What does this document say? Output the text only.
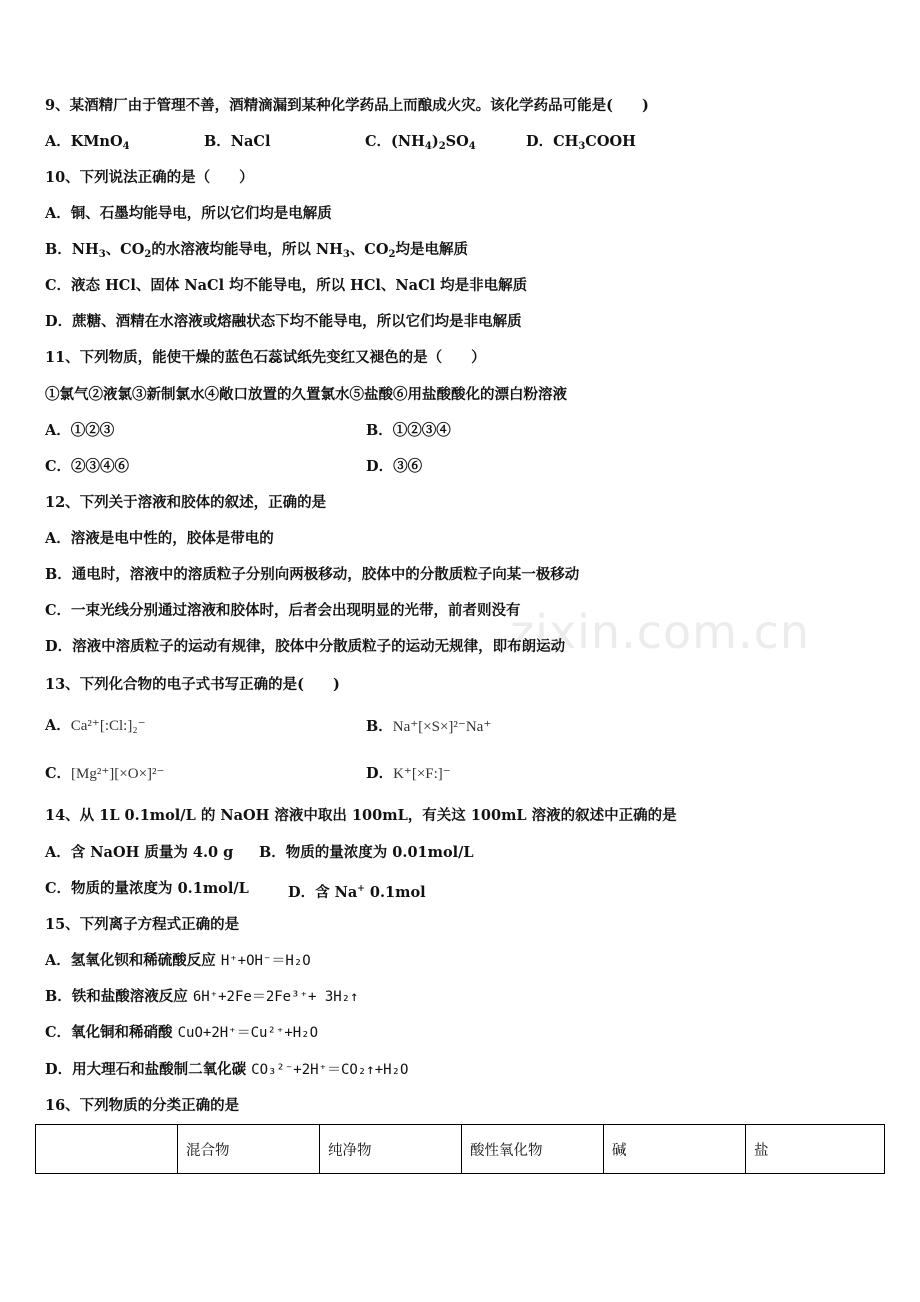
zixin.com.cn
9、某酒精厂由于管理不善，酒精滴漏到某种化学药品上而酿成火灾。该化学药品可能是(　　)
A．KMnO$_4$	B．NaCl	C．$(NH_4)_2SO_4$	D．$CH_3COOH$
10、下列说法正确的是（　　）
A．铜、石墨均能导电，所以它们均是电解质
B．$NH_3$、$CO_2$的水溶液均能导电，所以 $NH_3$、$CO_2$均是电解质
C．液态 HCl、固体 NaCl 均不能导电，所以 HCl、NaCl 均是非电解质
D．蔗糖、酒精在水溶液或熔融状态下均不能导电，所以它们均是非电解质
11、下列物质，能使干燥的蓝色石蕊试纸先变红又褪色的是（　　）
①氯气②液氯③新制氯水④敞口放置的久置氯水⑤盐酸⑥用盐酸酸化的漂白粉溶液
A．①②③	B．①②③④
C．②③④⑥	D．③⑥
12、下列关于溶液和胶体的叙述，正确的是
A．溶液是电中性的，胶体是带电的
B．通电时，溶液中的溶质粒子分别向两极移动，胶体中的分散质粒子向某一极移动
C．一束光线分别通过溶液和胶体时，后者会出现明显的光带，前者则没有
D．溶液中溶质粒子的运动有规律，胶体中分散质粒子的运动无规律，即布朗运动
13、下列化合物的电子式书写正确的是(　　)
A．Ca²⁺[:Cl:]₂⁻	B．Na⁺[×S×]²⁻Na⁺
C．[Mg²⁺][×O×]²⁻	D．K⁺[×F:]⁻
14、从 1L 0.1mol/L 的 NaOH 溶液中取出 100mL，有关这 100mL 溶液的叙述中正确的是
A．含 NaOH 质量为 4.0 g B．物质的量浓度为 0.01mol/L
C．物质的量浓度为 0.1mol/L	D．含 Na+ 0.1mol
15、下列离子方程式正确的是
A．氢氧化钡和稀硫酸反应 H⁺+OH⁻＝H₂O
B．铁和盐酸溶液反应 6H⁺+2Fe＝2Fe³⁺+ 3H₂↑
C．氧化铜和稀硝酸 CuO+2H⁺＝Cu²⁺+H₂O
D．用大理石和盐酸制二氧化碳 CO₃²⁻+2H⁺＝CO₂↑+H₂O
16、下列物质的分类正确的是
	混合物	纯净物	酸性氧化物	碱	盐
